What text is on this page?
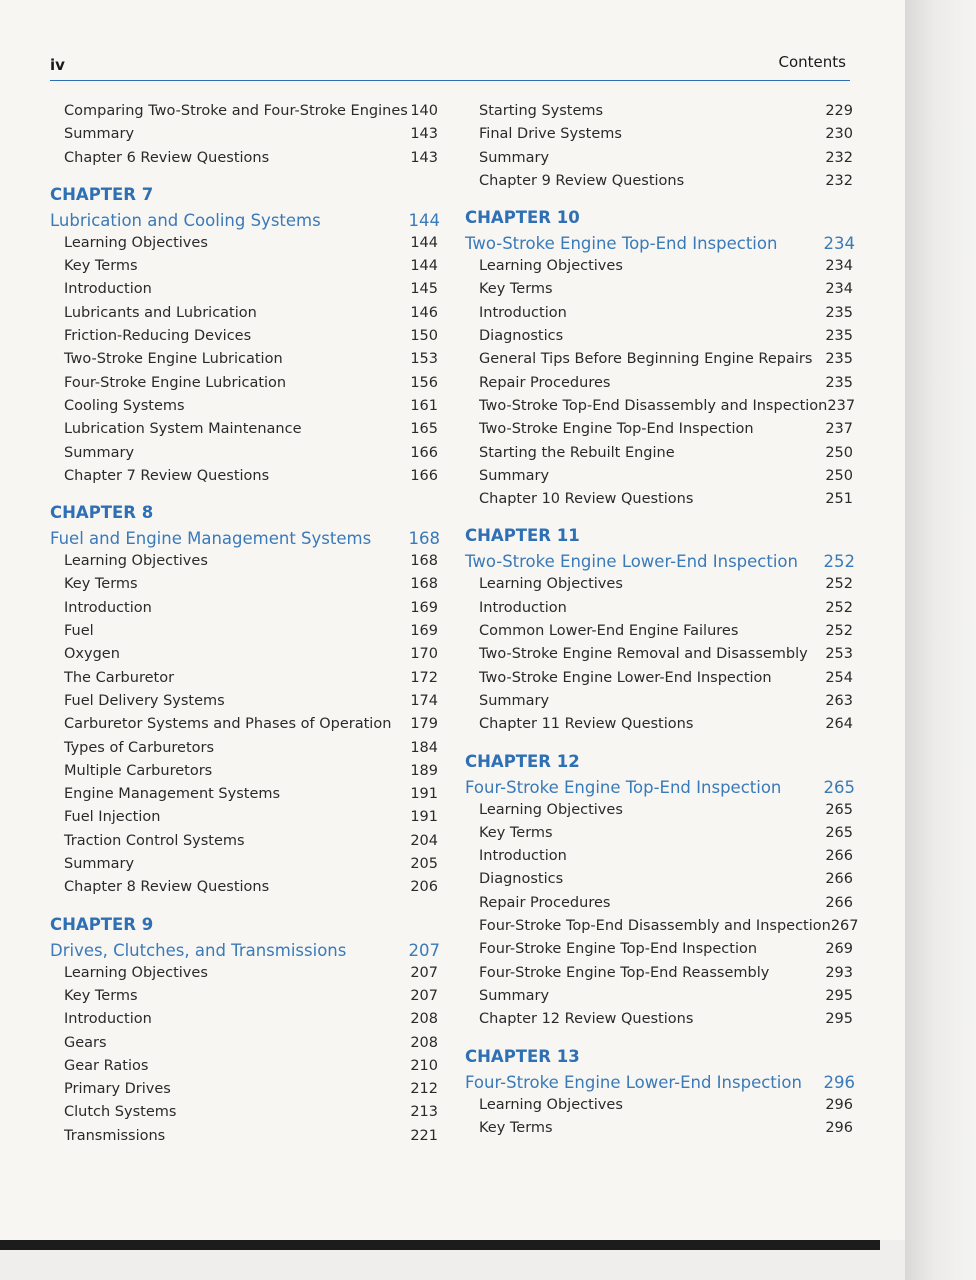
iv	Contents
Comparing Two-Stroke and Four-Stroke Engines 140
Summary	143
Chapter 6 Review Questions	143
CHAPTER 7
Lubrication and Cooling Systems	144
Learning Objectives	144
Key Terms	144
Introduction	145
Lubricants and Lubrication	146
Friction-Reducing Devices	150
Two-Stroke Engine Lubrication	153
Four-Stroke Engine Lubrication	156
Cooling Systems	161
Lubrication System Maintenance	165
Summary	166
Chapter 7 Review Questions	166
CHAPTER 8
Fuel and Engine Management Systems	168
Learning Objectives	168
Key Terms	168
Introduction	169
Fuel	169
Oxygen	170
The Carburetor	172
Fuel Delivery Systems	174
Carburetor Systems and Phases of Operation 179
Types of Carburetors	184
Multiple Carburetors	189
Engine Management Systems	191
Fuel Injection	191
Traction Control Systems	204
Summary	205
Chapter 8 Review Questions	206
CHAPTER 9
Drives, Clutches, and Transmissions	207
Learning Objectives	207
Key Terms	207
Introduction	208
Gears	208
Gear Ratios	210
Primary Drives	212
Clutch Systems	213
Transmissions	221
Starting Systems	229
Final Drive Systems	230
Summary	232
Chapter 9 Review Questions	232
CHAPTER 10
Two-Stroke Engine Top-End Inspection	234
Learning Objectives	234
Key Terms	234
Introduction	235
Diagnostics	235
General Tips Before Beginning Engine Repairs 235
Repair Procedures	235
Two-Stroke Top-End Disassembly and Inspection 237
Two-Stroke Engine Top-End Inspection	237
Starting the Rebuilt Engine	250
Summary	250
Chapter 10 Review Questions	251
CHAPTER 11
Two-Stroke Engine Lower-End Inspection	252
Learning Objectives	252
Introduction	252
Common Lower-End Engine Failures	252
Two-Stroke Engine Removal and Disassembly 253
Two-Stroke Engine Lower-End Inspection	254
Summary	263
Chapter 11 Review Questions	264
CHAPTER 12
Four-Stroke Engine Top-End Inspection	265
Learning Objectives	265
Key Terms	265
Introduction	266
Diagnostics	266
Repair Procedures	266
Four-Stroke Top-End Disassembly and Inspection 267
Four-Stroke Engine Top-End Inspection	269
Four-Stroke Engine Top-End Reassembly	293
Summary	295
Chapter 12 Review Questions	295
CHAPTER 13
Four-Stroke Engine Lower-End Inspection	296
Learning Objectives	296
Key Terms	296
